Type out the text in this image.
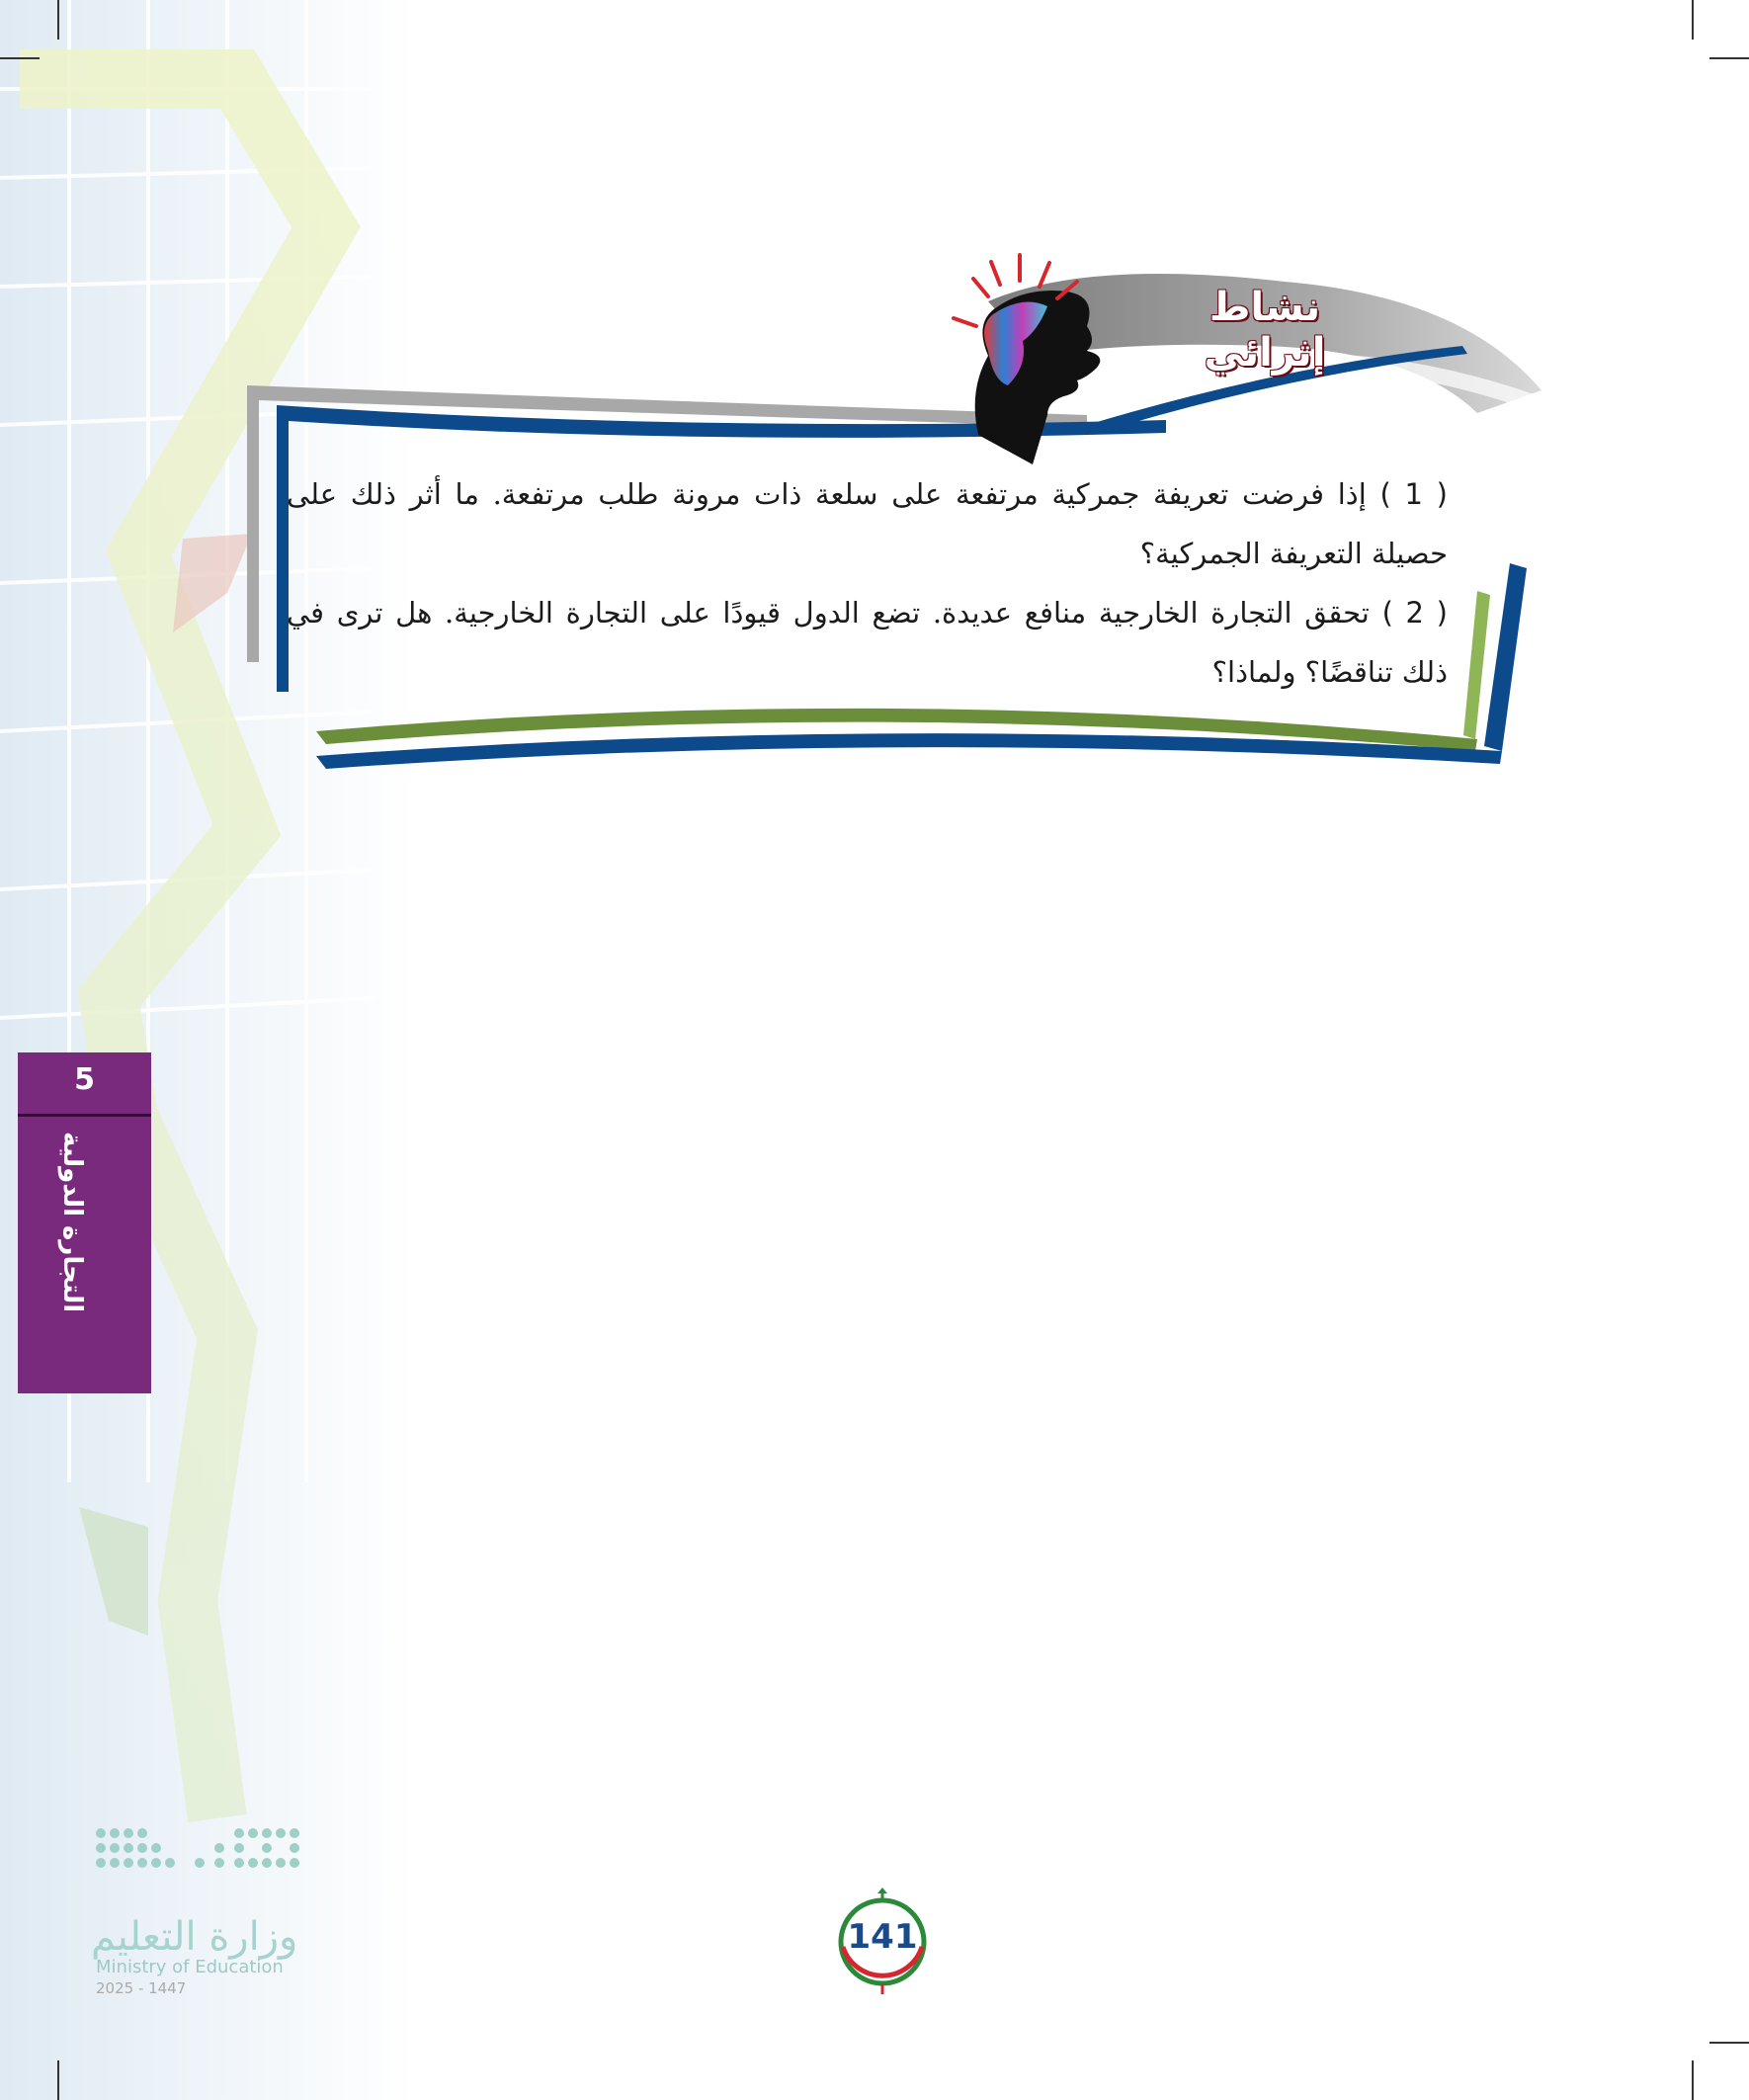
نشاط إثرائي

( 1 ) إذا فرضت تعريفة جمركية مرتفعة على سلعة ذات مرونة طلب مرتفعة. ما أثر ذلك على حصيلة التعريفة الجمركية؟

( 2 ) تحقق التجارة الخارجية منافع عديدة. تضع الدول قيودًا على التجارة الخارجية. هل ترى في ذلك تناقضًا؟ ولماذا؟

5
التجارة الدولية
وزارة التعليم
Ministry of Education
2025 - 1447
141
